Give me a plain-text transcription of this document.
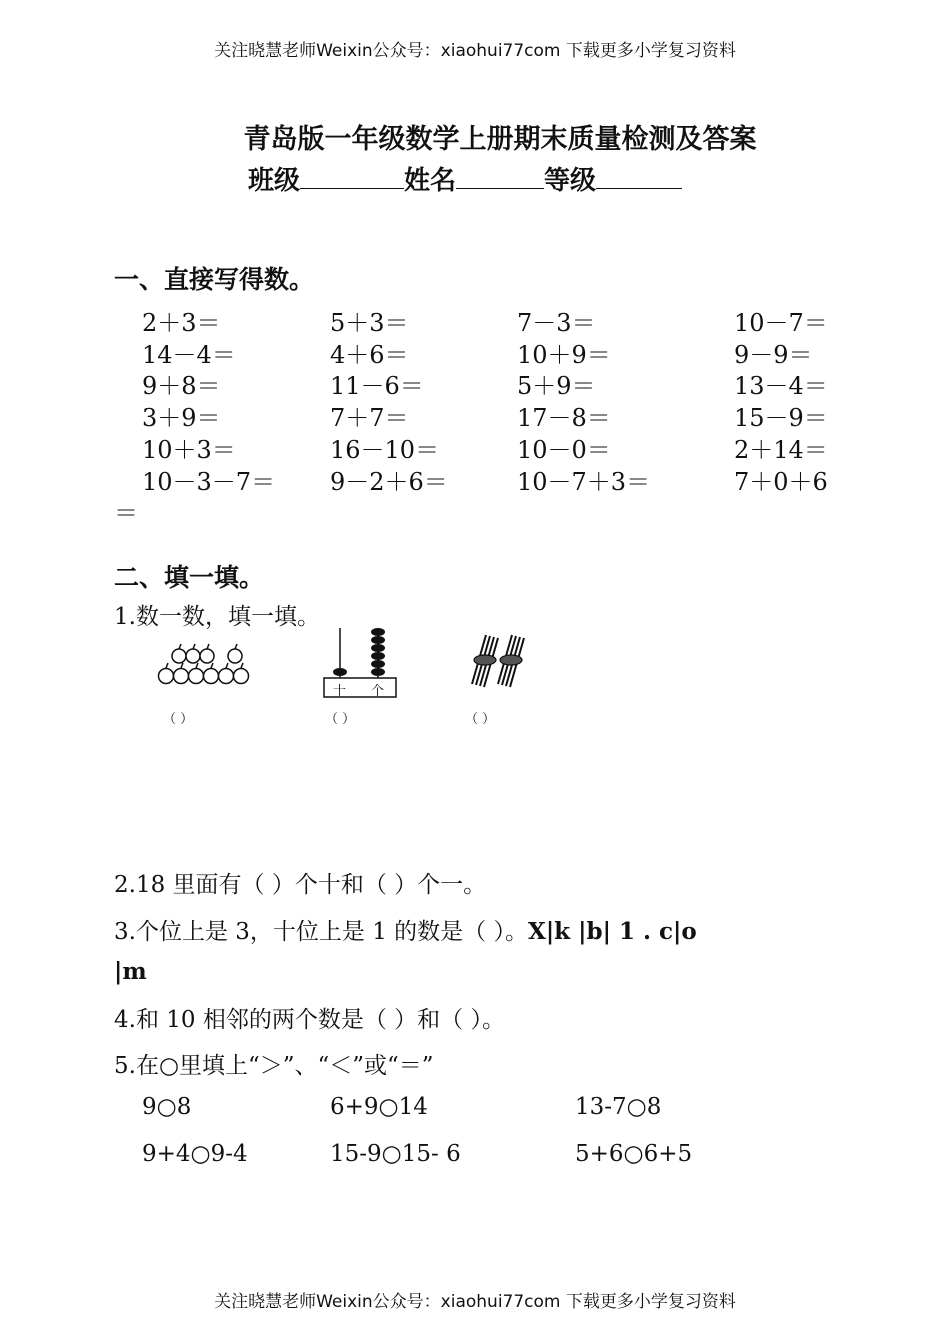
关注晓慧老师Weixin公众号：xiaohui77com 下载更多小学复习资料
青岛版一年级数学上册期末质量检测及答案
班级	姓名	等级
一、直接写得数。
2＋3＝	5＋3＝	7－3＝	10－7＝
14－4＝	4＋6＝	10＋9＝	9－9＝
9＋8＝	11－6＝	5＋9＝	13－4＝
3＋9＝	7＋7＝	17－8＝	15－9＝
10＋3＝	16－10＝	10－0＝	2＋14＝
10－3－7＝ 9－2＋6＝	10－7＋3＝	7＋0＋6
＝
二、填一填。
1.数一数，填一填。
（ ）
十 个
（ ）	（ ）
2.18 里面有（ ）个十和（ ）个一。
3.个位上是 3，十位上是 1 的数是（ ）。X|k |b| 1 . c|o
|m
4.和 10 相邻的两个数是（ ）和（ ）。
5.在○里填上“＞”、“＜”或“＝”
9○8	6+9○14	13-7○8
9+4○9-4	15-9○15- 6	5+6○6+5
关注晓慧老师Weixin公众号：xiaohui77com 下载更多小学复习资料
